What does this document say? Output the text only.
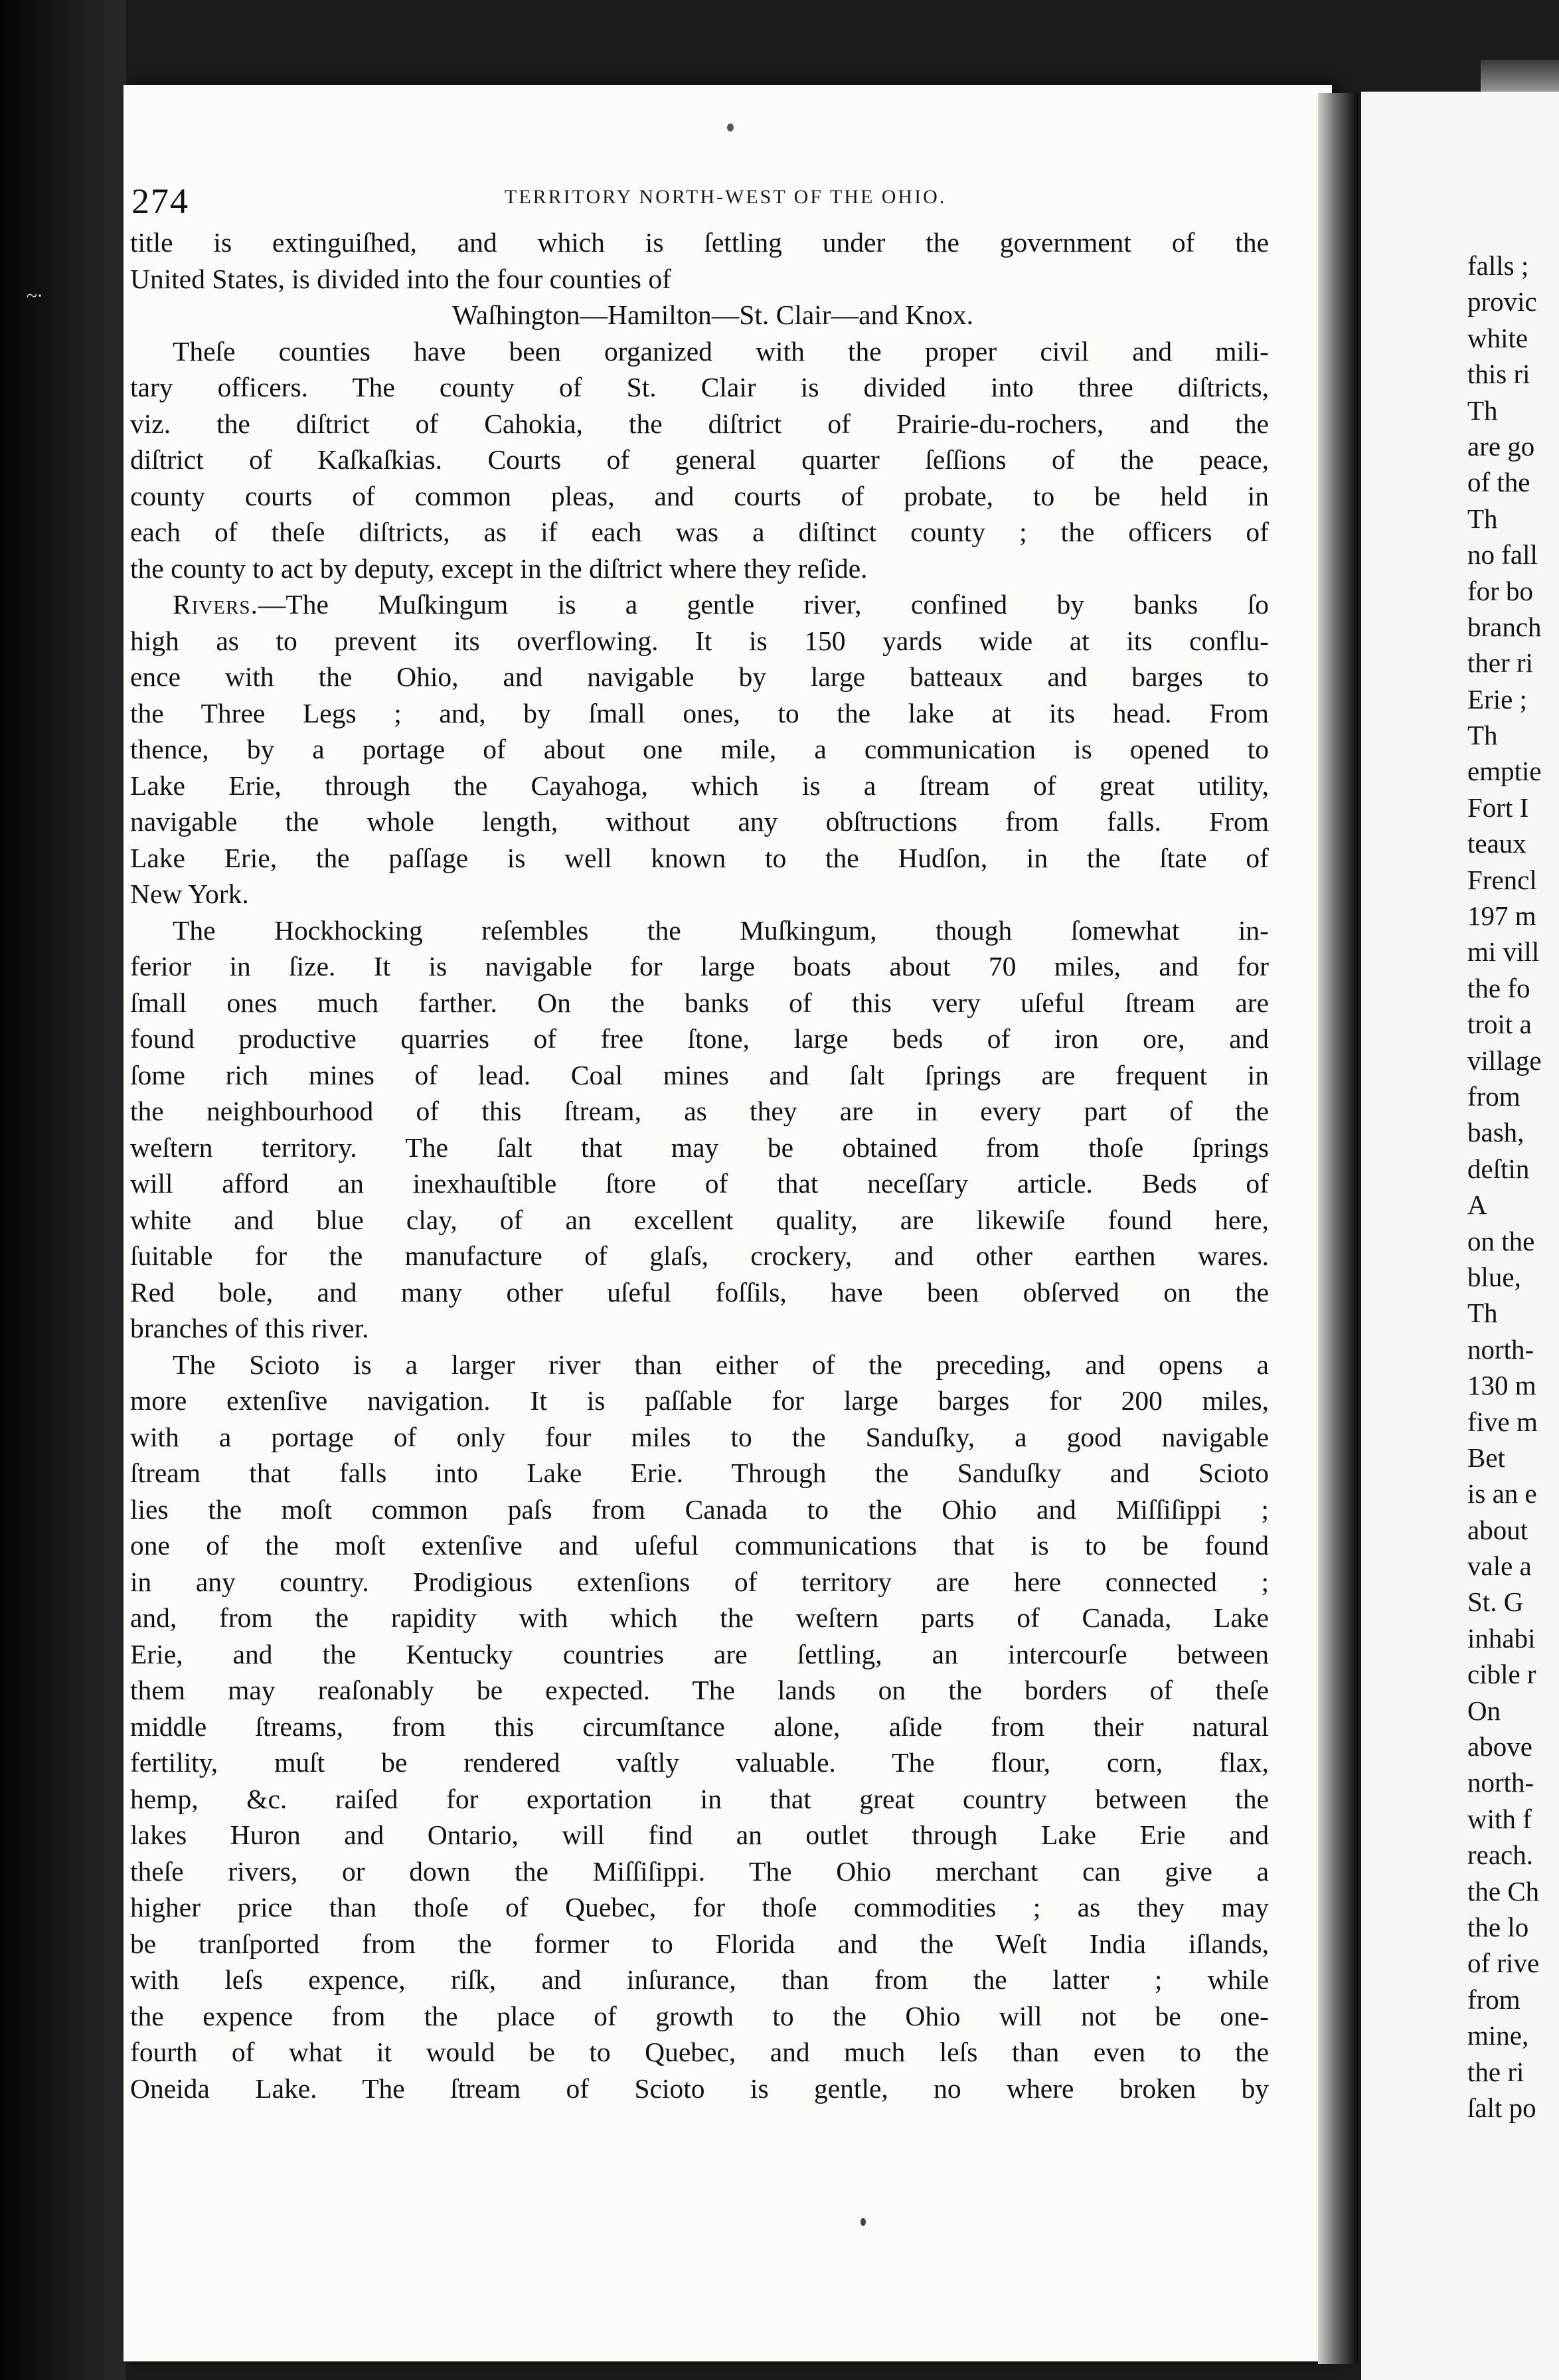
~∙
falls ;
provic
white
this ri
Th
are go
of the
Th
no fall
for bo
branch
ther ri
Erie ;
Th
emptie
Fort I
teaux
Frencl
197 m
mi vill
the fo
troit a
village
from
bash,
deſtin
A
on the
blue,
Th
north-
130 m
five m
Bet
is an e
about
vale a
St. G
inhabi
cible r
On
above
north-
with f
reach.
the Ch
the lo
of rive
from
mine,
the ri
ſalt po
274	TERRITORY NORTH-WEST OF THE OHIO.
title is extinguiſhed, and which is ſettling under the government of the
United States, is divided into the four counties of
Waſhington—Hamilton—St. Clair—and Knox.
Theſe counties have been organized with the proper civil and mili-
tary officers. The county of St. Clair is divided into three diſtricts,
viz. the diſtrict of Cahokia, the diſtrict of Prairie-du-rochers, and the
diſtrict of Kaſkaſkias. Courts of general quarter ſeſſions of the peace,
county courts of common pleas, and courts of probate, to be held in
each of theſe diſtricts, as if each was a diſtinct county ; the officers of
the county to act by deputy, except in the diſtrict where they reſide.
Rivers.—The Muſkingum is a gentle river, confined by banks ſo
high as to prevent its overflowing. It is 150 yards wide at its conflu-
ence with the Ohio, and navigable by large batteaux and barges to
the Three Legs ; and, by ſmall ones, to the lake at its head. From
thence, by a portage of about one mile, a communication is opened to
Lake Erie, through the Cayahoga, which is a ſtream of great utility,
navigable the whole length, without any obſtructions from falls. From
Lake Erie, the paſſage is well known to the Hudſon, in the ſtate of
New York.
The Hockhocking reſembles the Muſkingum, though ſomewhat in-
ferior in ſize. It is navigable for large boats about 70 miles, and for
ſmall ones much farther. On the banks of this very uſeful ſtream are
found productive quarries of free ſtone, large beds of iron ore, and
ſome rich mines of lead. Coal mines and ſalt ſprings are frequent in
the neighbourhood of this ſtream, as they are in every part of the
weſtern territory. The ſalt that may be obtained from thoſe ſprings
will afford an inexhauſtible ſtore of that neceſſary article. Beds of
white and blue clay, of an excellent quality, are likewiſe found here,
ſuitable for the manufacture of glaſs, crockery, and other earthen wares.
Red bole, and many other uſeful foſſils, have been obſerved on the
branches of this river.
The Scioto is a larger river than either of the preceding, and opens a
more extenſive navigation. It is paſſable for large barges for 200 miles,
with a portage of only four miles to the Sanduſky, a good navigable
ſtream that falls into Lake Erie. Through the Sanduſky and Scioto
lies the moſt common paſs from Canada to the Ohio and Miſſiſippi ;
one of the moſt extenſive and uſeful communications that is to be found
in any country. Prodigious extenſions of territory are here connected ;
and, from the rapidity with which the weſtern parts of Canada, Lake
Erie, and the Kentucky countries are ſettling, an intercourſe between
them may reaſonably be expected. The lands on the borders of theſe
middle ſtreams, from this circumſtance alone, aſide from their natural
fertility, muſt be rendered vaſtly valuable. The flour, corn, flax,
hemp, &c. raiſed for exportation in that great country between the
lakes Huron and Ontario, will find an outlet through Lake Erie and
theſe rivers, or down the Miſſiſippi. The Ohio merchant can give a
higher price than thoſe of Quebec, for thoſe commodities ; as they may
be tranſported from the former to Florida and the Weſt India iſlands,
with leſs expence, riſk, and inſurance, than from the latter ; while
the expence from the place of growth to the Ohio will not be one-
fourth of what it would be to Quebec, and much leſs than even to the
Oneida Lake. The ſtream of Scioto is gentle, no where broken by
